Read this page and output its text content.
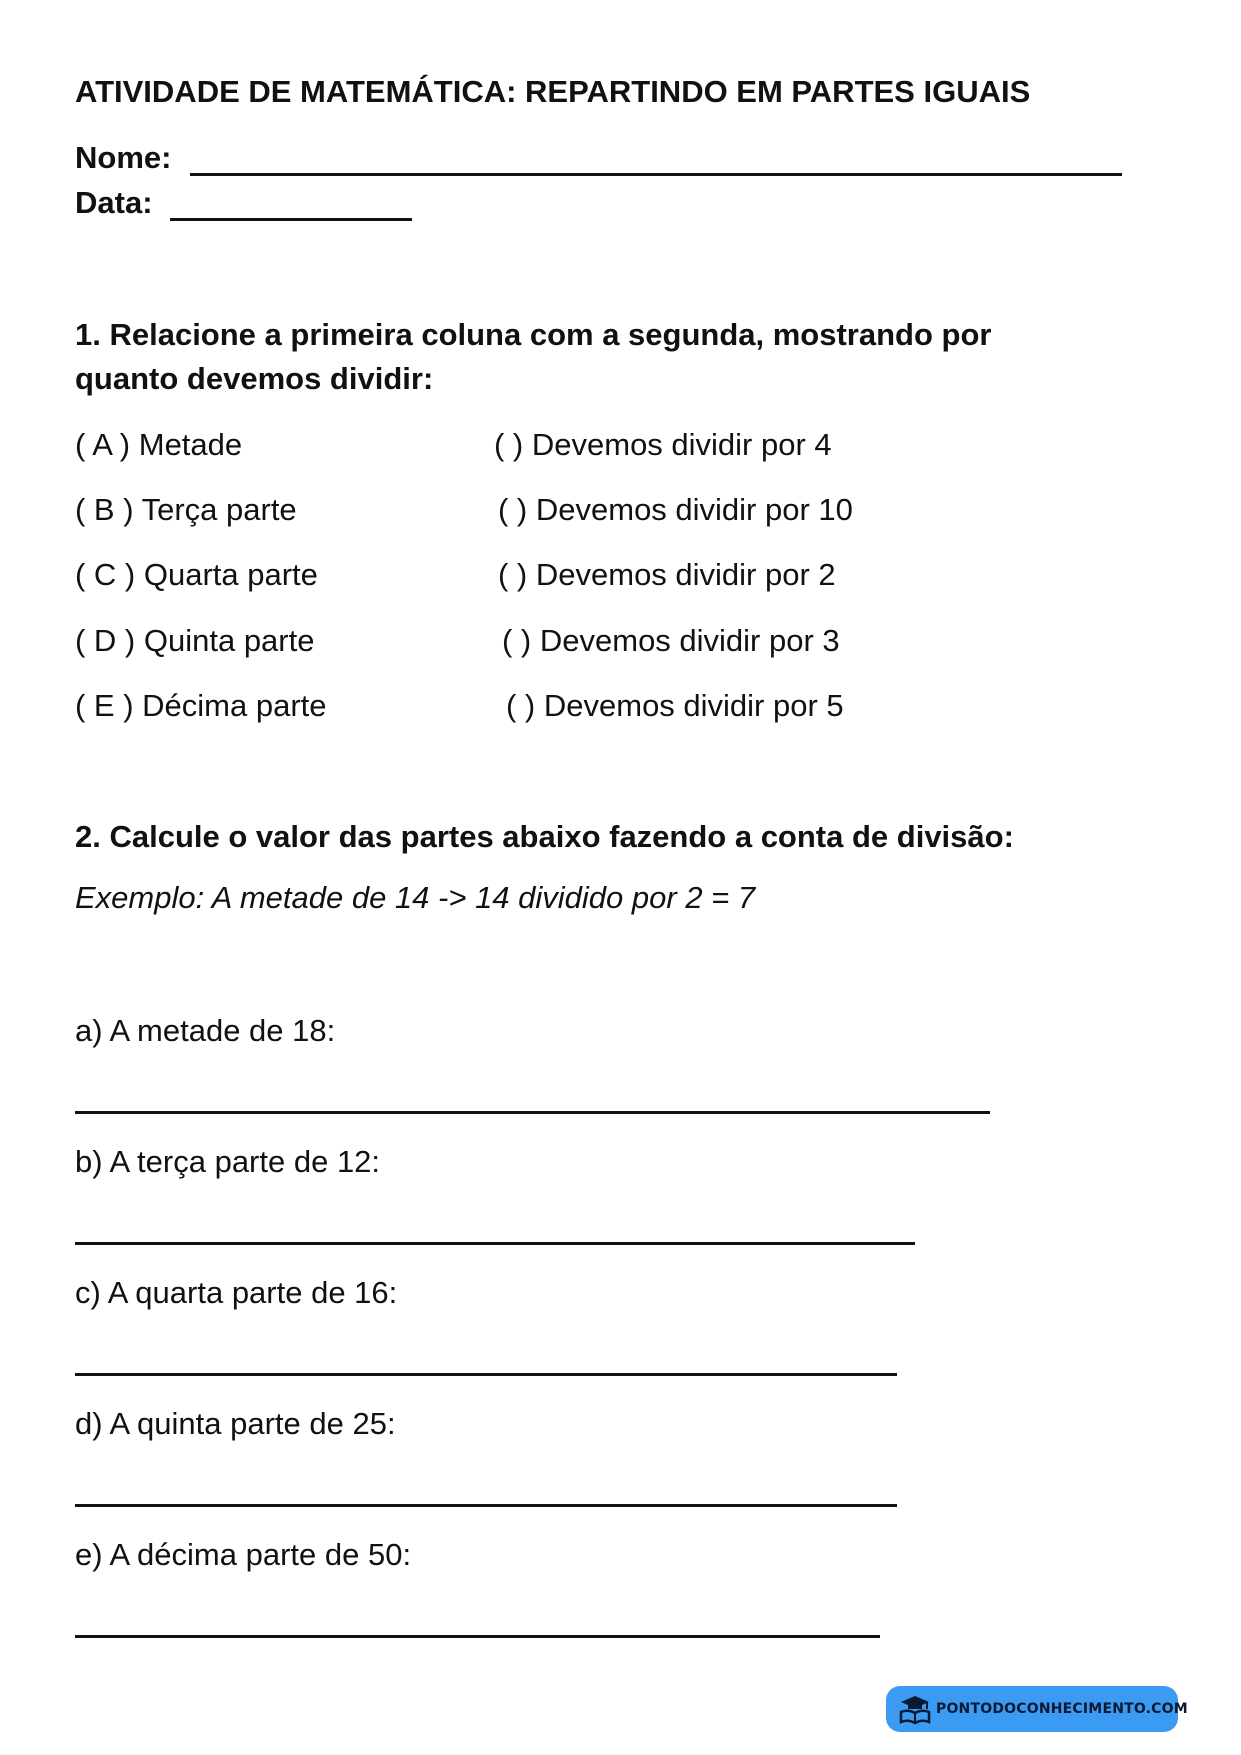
ATIVIDADE DE MATEMÁTICA: REPARTINDO EM PARTES IGUAIS
Nome:
Data:
1. Relacione a primeira coluna com a segunda, mostrando por
quanto devemos dividir:
( A ) Metade
( B ) Terça parte
( C ) Quarta parte
( D ) Quinta parte
( E ) Décima parte
( ) Devemos dividir por 4
( ) Devemos dividir por 10
( ) Devemos dividir por 2
( ) Devemos dividir por 3
( ) Devemos dividir por 5
2. Calcule o valor das partes abaixo fazendo a conta de divisão:
Exemplo: A metade de 14 -> 14 dividido por 2 = 7
a) A metade de 18:
b) A terça parte de 12:
c) A quarta parte de 16:
d) A quinta parte de 25:
e) A décima parte de 50:
PONTODOCONHECIMENTO.COM
